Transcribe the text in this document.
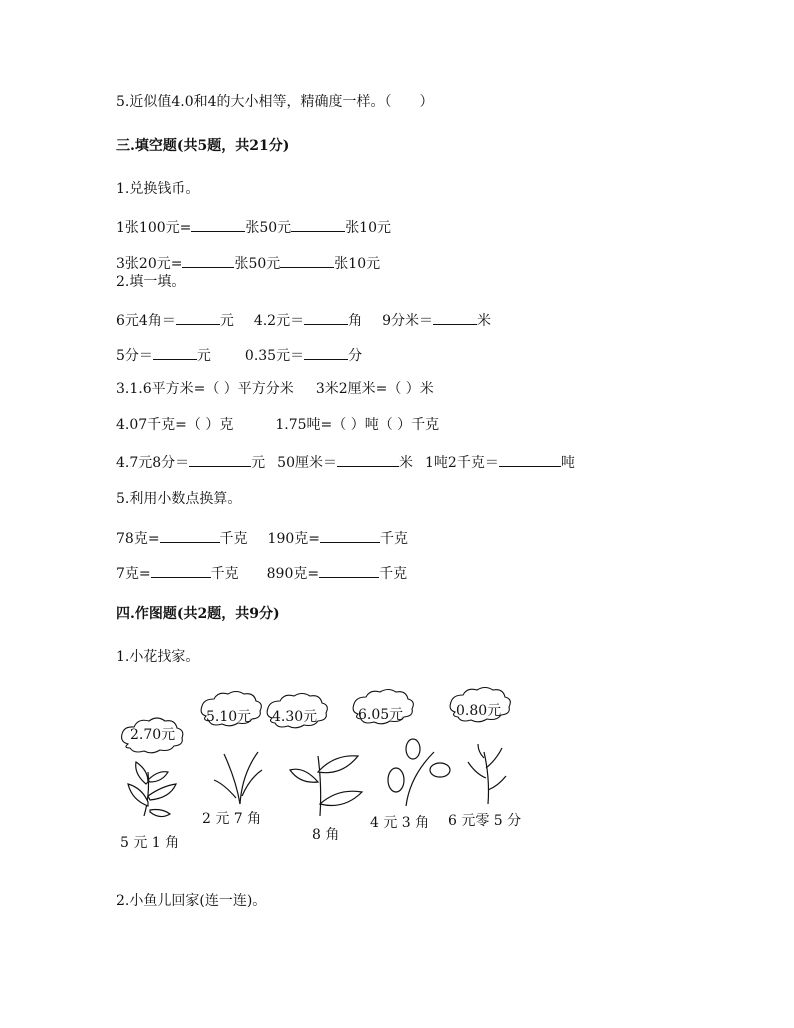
5.近似值4.0和4的大小相等，精确度一样。（　　）
三.填空题(共5题，共21分)
1.兑换钱币。
1张100元=	张50元	张10元
3张20元=	张50元	张10元
2.填一填。
6元4角＝	元 4.2元＝	角 9分米＝	米
5分＝	元 0.35元＝	分
3.1.6平方米=（ ）平方分米 3米2厘米=（ ）米
4.07千克=（ ）克	1.75吨=（ ）吨（ ）千克
4.7元8分＝	元 50厘米＝	米 1吨2千克＝	吨
5.利用小数点换算。
78克=	千克 190克=	千克
7克=	千克 890克=	千克
四.作图题(共2题，共9分)
1.小花找家。
2.70元
5.10元 4.30元	6.05元	0.80元
5 元 1 角
2 元 7 角
8 角
4 元 3 角 6 元零 5 分
2.小鱼儿回家(连一连)。
